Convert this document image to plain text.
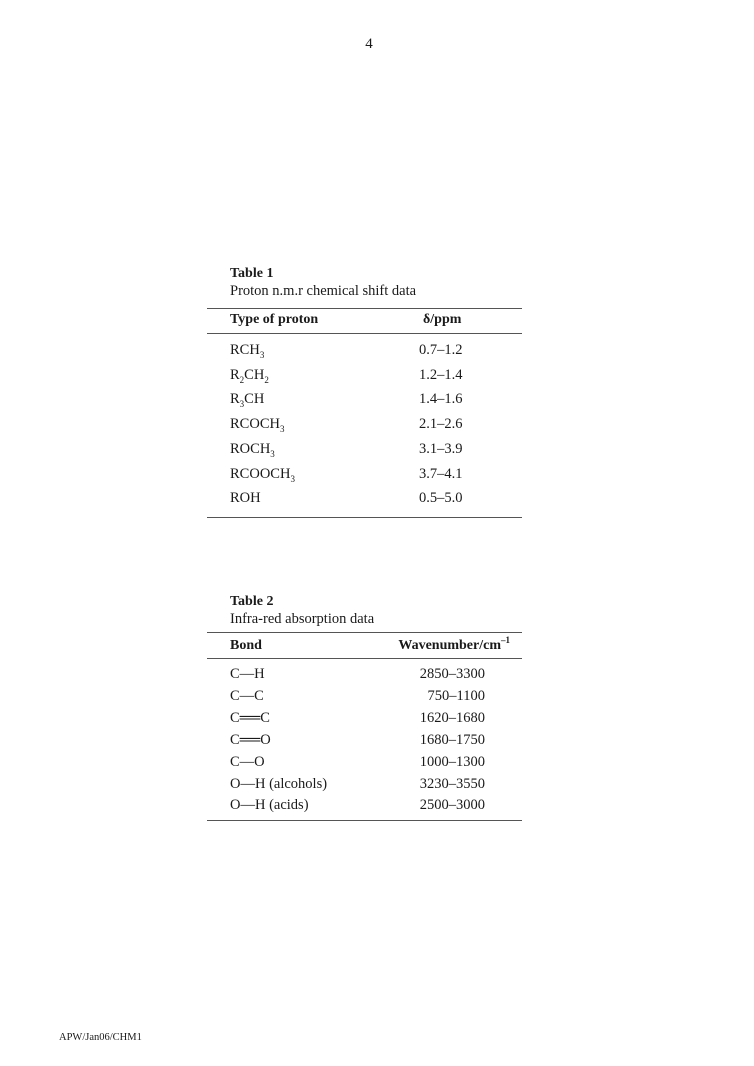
4
Table 1
Proton n.m.r chemical shift data
Type of proton	δ/ppm
$RCH_3$	0.7–1.2
$R_2CH_2$	1.2–1.4
$R_3CH$	1.4–1.6
$RCOCH_3$	2.1–2.6
$ROCH_3$	3.1–3.9
$RCOOCH_3$	3.7–4.1
ROH	0.5–5.0
Table 2
Infra-red absorption data
Bond	Wavenumber/$cm^{-1}$
C—H	2850–3300
C—C	750–1100
C══C	1620–1680
C══O	1680–1750
C—O	1000–1300
O—H (alcohols)	3230–3550
O—H (acids)	2500–3000
APW/Jan06/CHM1
